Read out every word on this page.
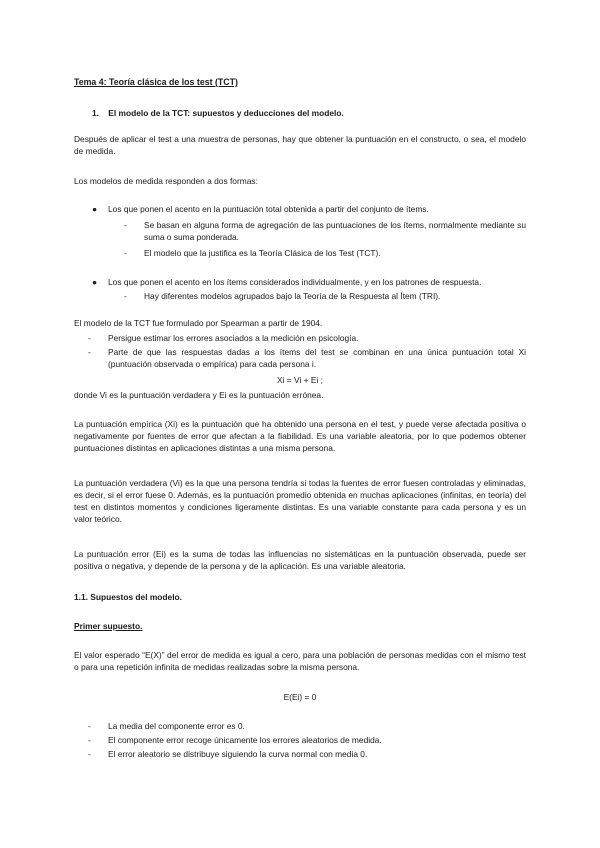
Tema 4: Teoría clásica de los test (TCT)

1.    El modelo de la TCT: supuestos y deducciones del modelo.

Después de aplicar el test a una muestra de personas, hay que obtener la puntuación en el constructo, o sea, el modelo de medida.

Los modelos de medida responden a dos formas:

● Los que ponen el acento en la puntuación total obtenida a partir del conjunto de ítems.
- Se basan en alguna forma de agregación de las puntuaciones de los ítems, normalmente mediante su suma o suma ponderada.
- El modelo que la justifica es la Teoría Clásica de los Test (TCT).
● Los que ponen el acento en los ítems considerados individualmente, y en los patrones de respuesta.
- Hay diferentes modelos agrupados bajo la Teoría de la Respuesta al Ítem (TRI).

El modelo de la TCT fue formulado por Spearman a partir de 1904.

- Persigue estimar los errores asociados a la medición en psicología.
- Parte de que las respuestas dadas a los ítems del test se combinan en una única puntuación total Xi (puntuación observada o empírica) para cada persona i.

Xi = Vi + Ei ;

donde Vi es la puntuación verdadera y Ei es la puntuación errónea.

La puntuación empírica (Xi) es la puntuación que ha obtenido una persona en el test, y puede verse afectada positiva o negativamente por fuentes de error que afectan a la fiabilidad. Es una variable aleatoria, por lo que podemos obtener puntuaciones distintas en aplicaciones distintas a una misma persona.

La puntuación verdadera (Vi) es la que una persona tendría si todas la fuentes de error fuesen controladas y eliminadas, es decir, si el error fuese 0. Además, es la puntuación promedio obtenida en muchas aplicaciones (infinitas, en teoría) del test en distintos momentos y condiciones ligeramente distintas. Es una variable constante para cada persona y es un valor teórico.

La puntuación error (Ei) es la suma de todas las influencias no sistemáticas en la puntuación observada, puede ser positiva o negativa, y depende de la persona y de la aplicación. Es una variable aleatoria.

1.1. Supuestos del modelo.

Primer supuesto.

El valor esperado “E(X)” del error de medida es igual a cero, para una población de personas medidas con el mismo test o para una repetición infinita de medidas realizadas sobre la misma persona.

E(Ei) = 0

- La media del componente error es 0.
- El componente error recoge únicamente los errores aleatorios de medida.
- El error aleatorio se distribuye siguiendo la curva normal con media 0.
